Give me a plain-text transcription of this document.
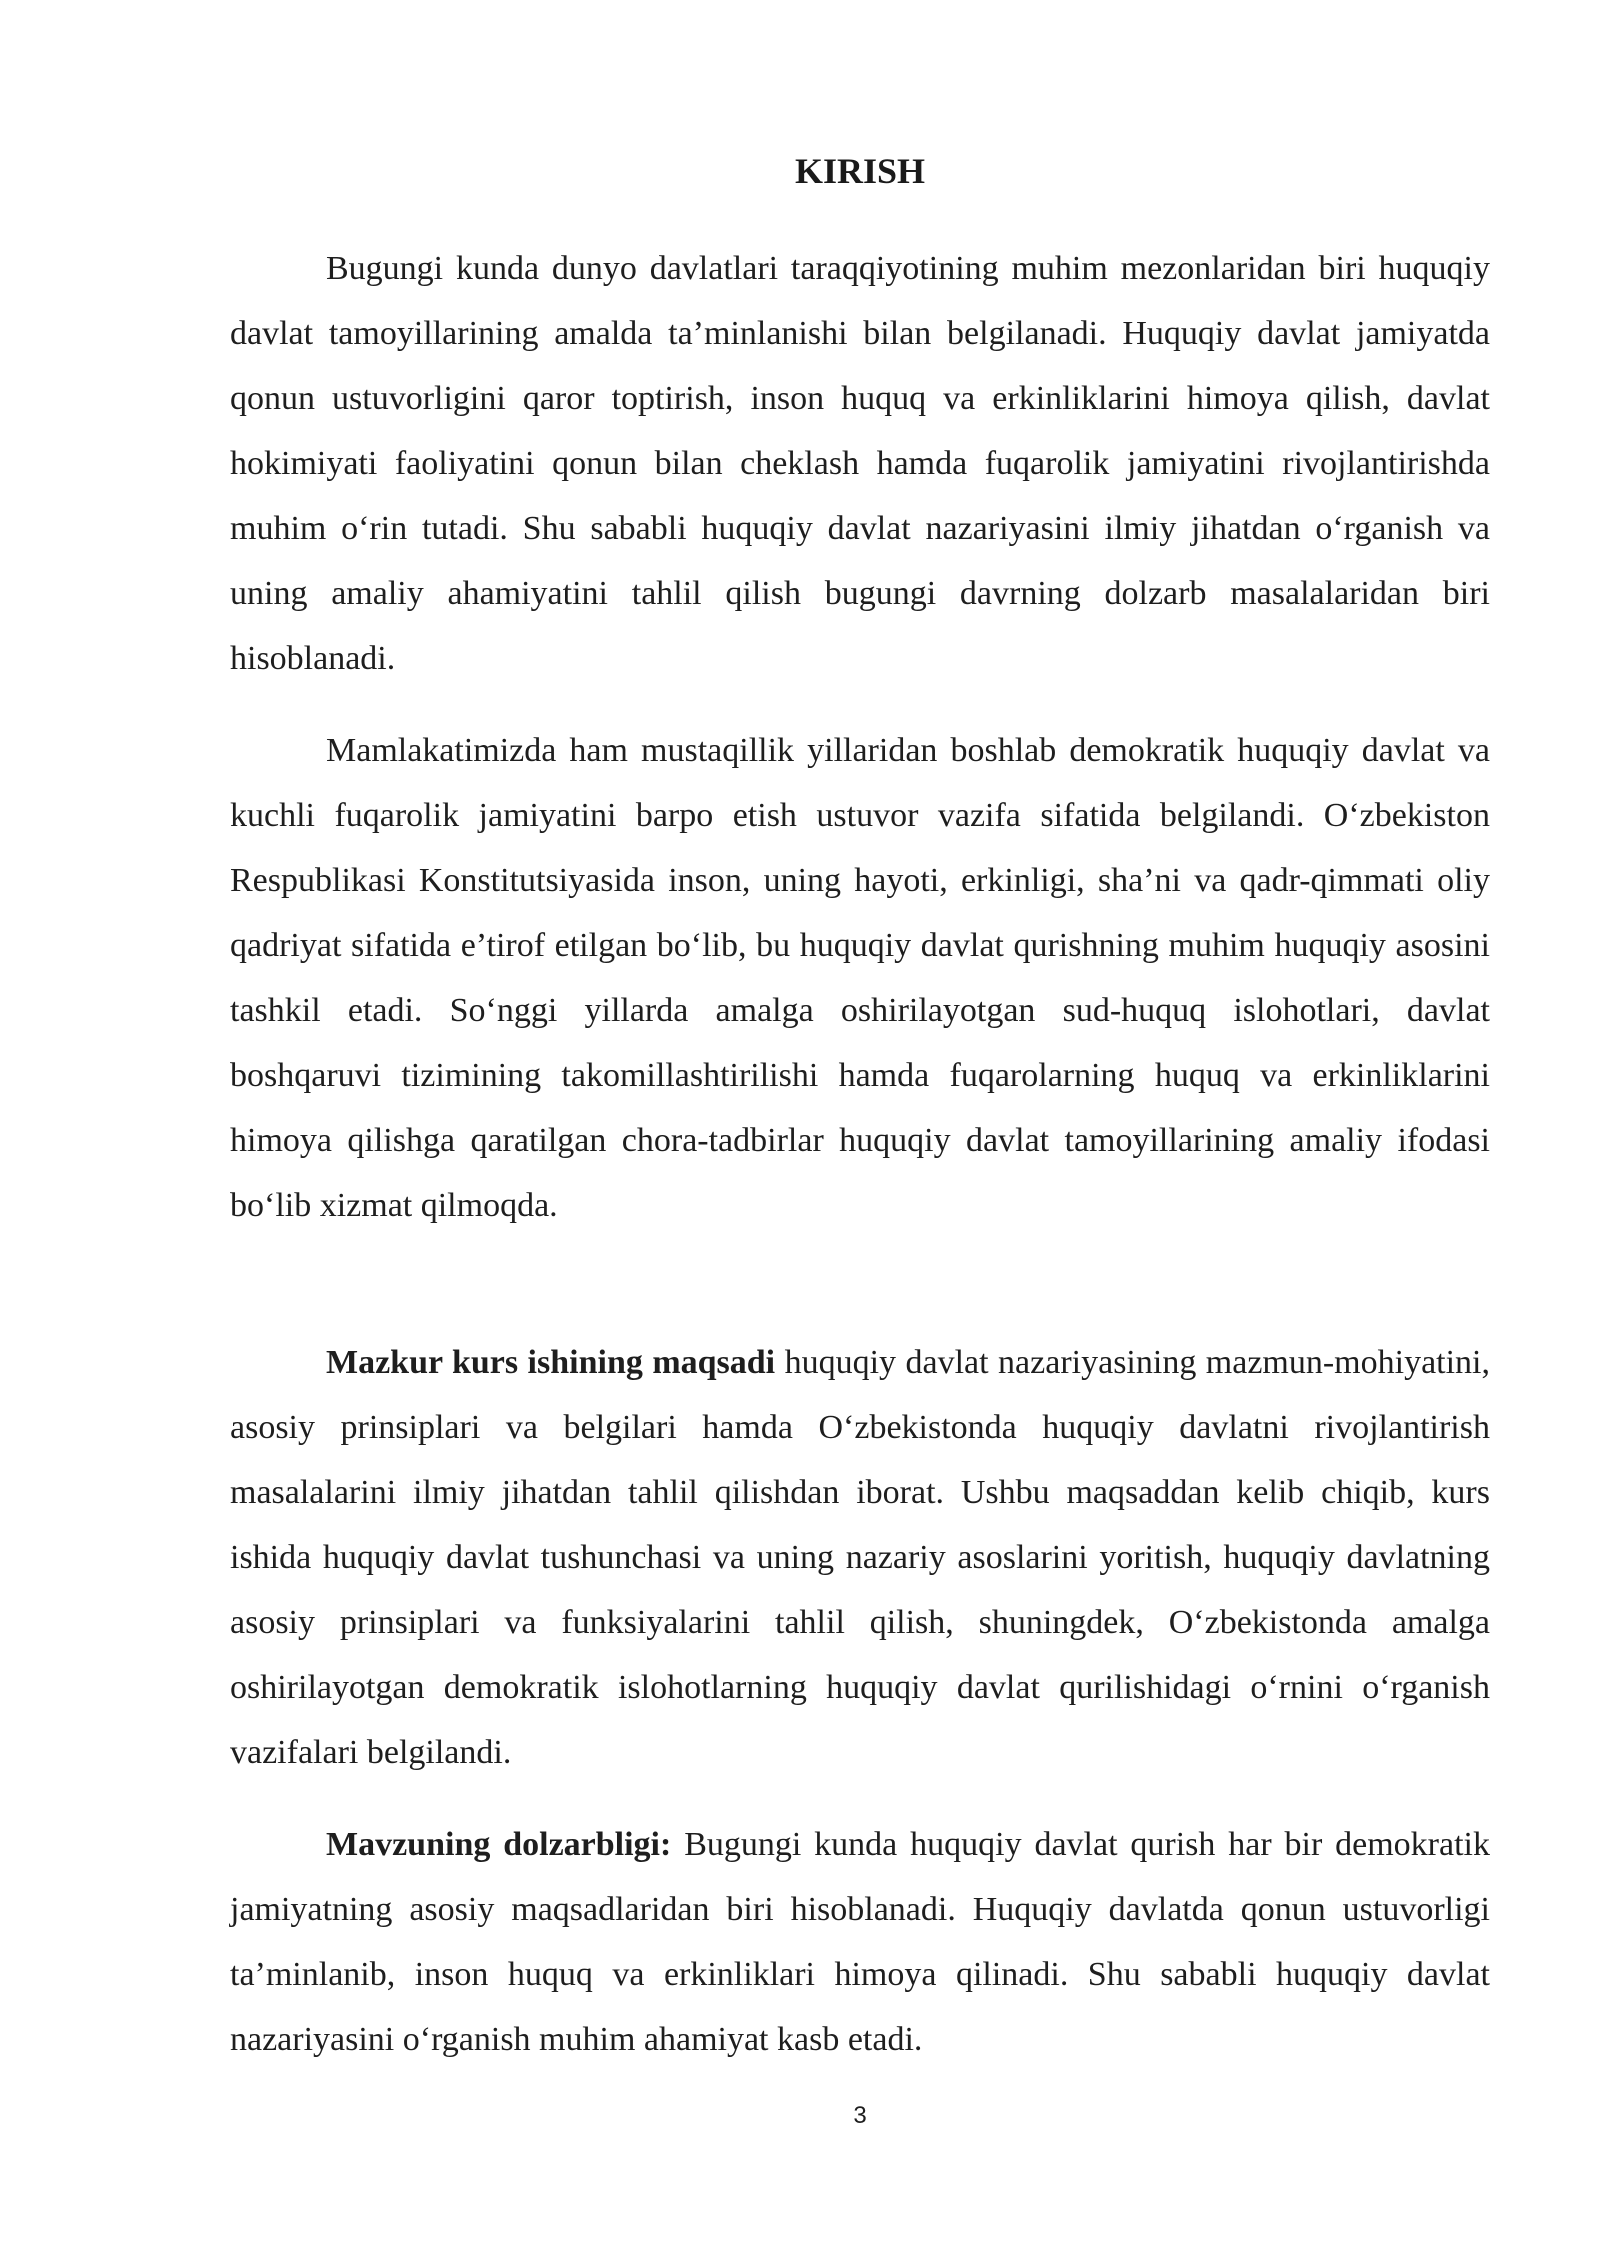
KIRISH

Bugungi kunda dunyo davlatlari taraqqiyotining muhim mezonlaridan biri huquqiy davlat tamoyillarining amalda ta’minlanishi bilan belgilanadi. Huquqiy davlat jamiyatda qonun ustuvorligini qaror toptirish, inson huquq va erkinliklarini himoya qilish, davlat hokimiyati faoliyatini qonun bilan cheklash hamda fuqarolik jamiyatini rivojlantirishda muhim o‘rin tutadi. Shu sababli huquqiy davlat nazariyasini ilmiy jihatdan o‘rganish va uning amaliy ahamiyatini tahlil qilish bugungi davrning dolzarb masalalaridan biri hisoblanadi.

Mamlakatimizda ham mustaqillik yillaridan boshlab demokratik huquqiy davlat va kuchli fuqarolik jamiyatini barpo etish ustuvor vazifa sifatida belgilandi. O‘zbekiston Respublikasi Konstitutsiyasida inson, uning hayoti, erkinligi, sha’ni va qadr-qimmati oliy qadriyat sifatida e’tirof etilgan bo‘lib, bu huquqiy davlat qurishning muhim huquqiy asosini tashkil etadi. So‘nggi yillarda amalga oshirilayotgan sud-huquq islohotlari, davlat boshqaruvi tizimining takomillashtirilishi hamda fuqarolarning huquq va erkinliklarini himoya qilishga qaratilgan chora-tadbirlar huquqiy davlat tamoyillarining amaliy ifodasi bo‘lib xizmat qilmoqda.

Mazkur kurs ishining maqsadi huquqiy davlat nazariyasining mazmun-mohiyatini, asosiy prinsiplari va belgilari hamda O‘zbekistonda huquqiy davlatni rivojlantirish masalalarini ilmiy jihatdan tahlil qilishdan iborat. Ushbu maqsaddan kelib chiqib, kurs ishida huquqiy davlat tushunchasi va uning nazariy asoslarini yoritish, huquqiy davlatning asosiy prinsiplari va funksiyalarini tahlil qilish, shuningdek, O‘zbekistonda amalga oshirilayotgan demokratik islohotlarning huquqiy davlat qurilishidagi o‘rnini o‘rganish vazifalari belgilandi.

Mavzuning dolzarbligi: Bugungi kunda huquqiy davlat qurish har bir demokratik jamiyatning asosiy maqsadlaridan biri hisoblanadi. Huquqiy davlatda qonun ustuvorligi ta’minlanib, inson huquq va erkinliklari himoya qilinadi. Shu sababli huquqiy davlat nazariyasini o‘rganish muhim ahamiyat kasb etadi.

3
